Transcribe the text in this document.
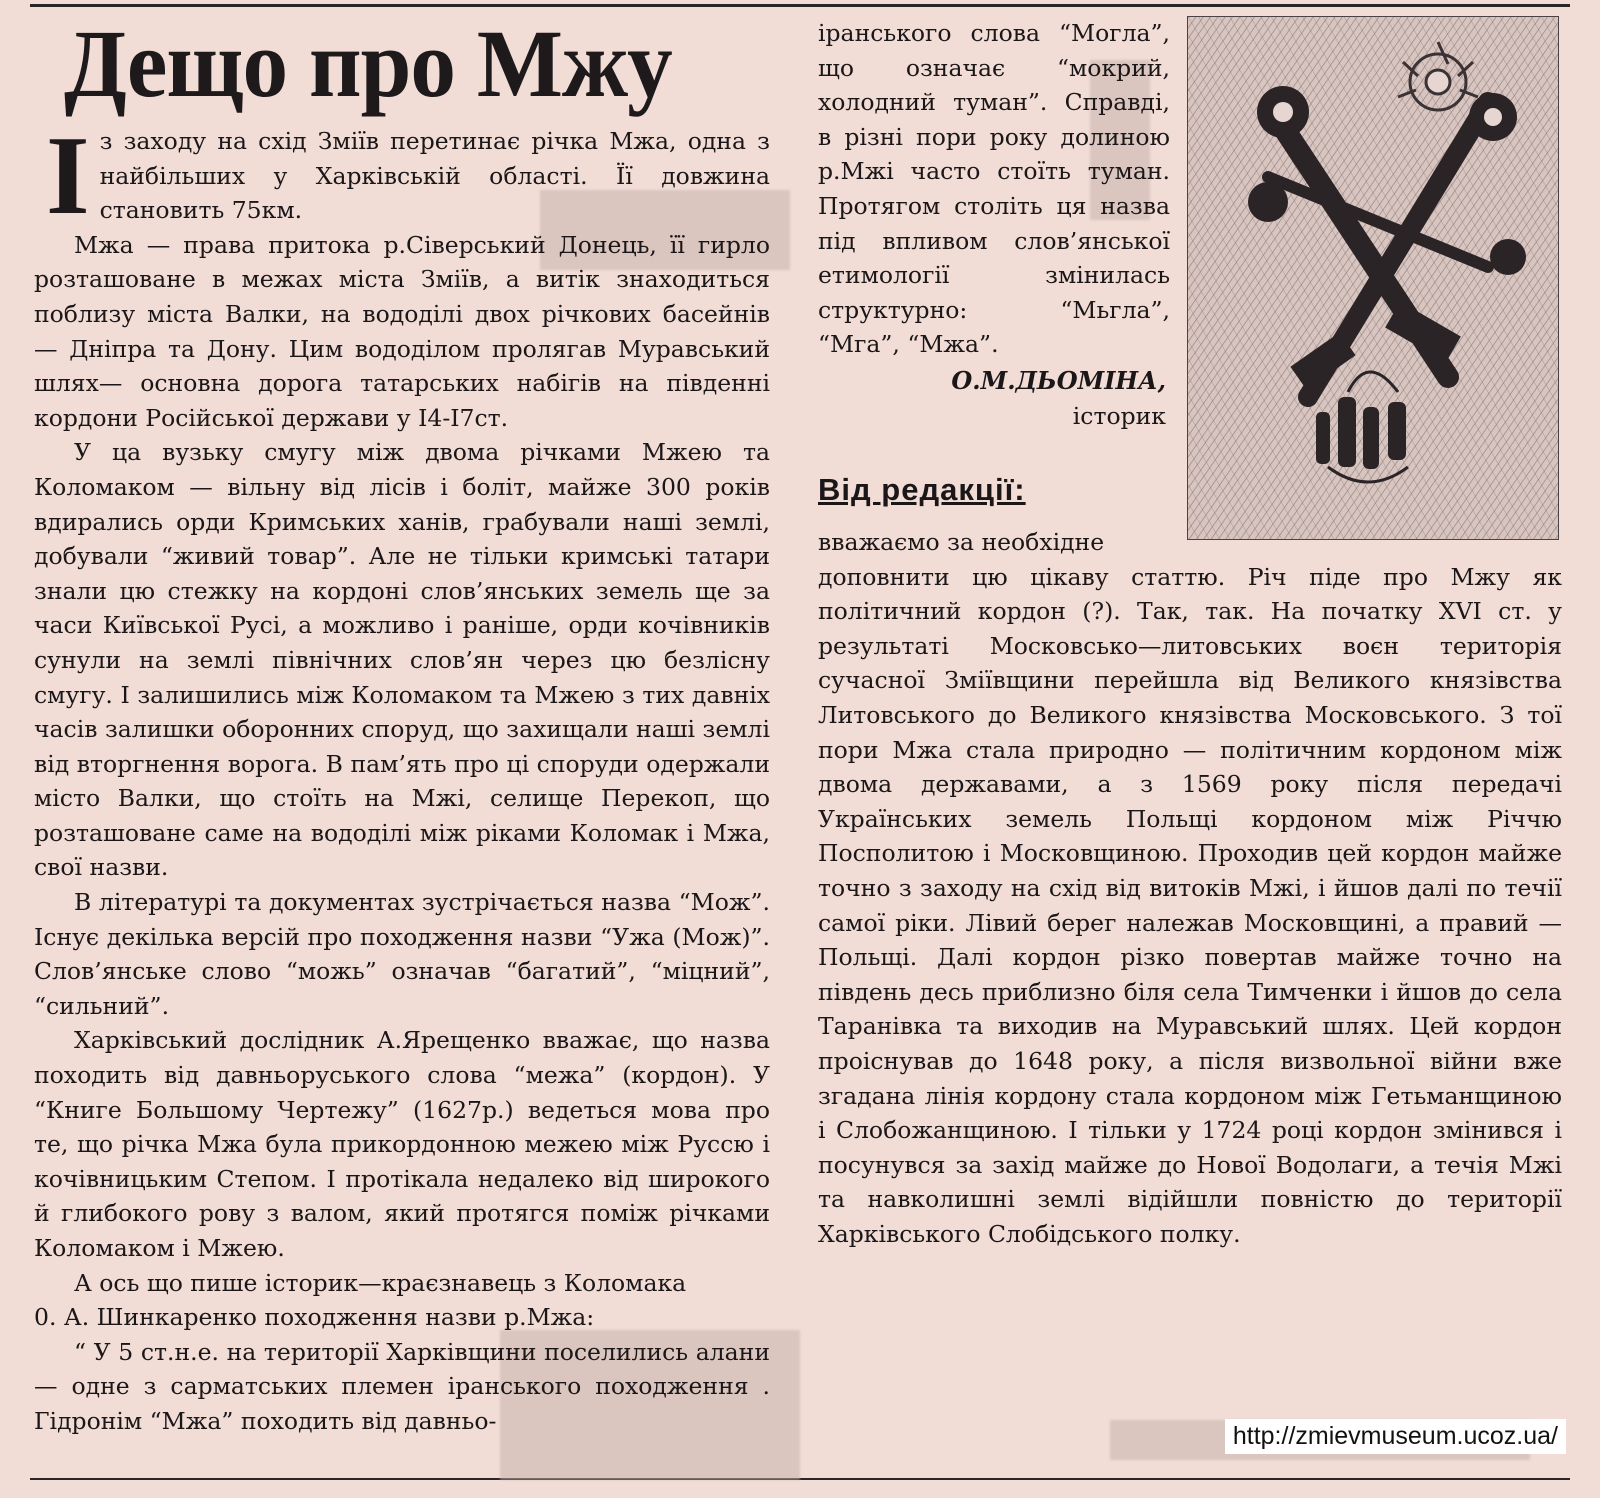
Дещо про Мжу

Із заходу на схід Зміїв перетинає річка Мжа, одна з найбільших у Харківській області. Її довжина становить 75км.

Мжа — права притока р.Сіверський Донець, її гирло розташоване в межах міста Зміїв, а витік знаходиться поблизу міста Валки, на вододілі двох річкових басейнів — Дніпра та Дону. Цим вододілом пролягав Муравський шлях— основна дорога татарських набігів на південні кордони Російської держави у І4-І7ст.

У ца вузьку смугу між двома річками Мжею та Коломаком — вільну від лісів і боліт, майже 300 років вдирались орди Кримських ханів, грабували наші землі, добували “живий товар”. Але не тільки кримські татари знали цю стежку на кордоні слов’янських земель ще за часи Київської Русі, а можливо і раніше, орди кочівників сунули на землі північних слов’ян через цю безлісну смугу. І залишились між Коломаком та Мжею з тих давніх часів залишки оборонних споруд, що захищали наші землі від вторгнення ворога. В пам’ять про ці споруди одержали місто Валки, що стоїть на Мжі, селище Перекоп, що розташоване саме на вододілі між ріками Коломак і Мжа, свої назви.

В літературі та документах зустрічається назва “Мож”. Існує декілька версій про походження назви “Ужа (Мож)”. Слов’янське слово “можь” означав “багатий”, “міцний”, “сильний”.

Харківський дослідник А.Ярещенко вважає, що назва походить від давньоруського слова “межа” (кордон). У “Книге Большому Чертежу” (1627р.) ведеться мова про те, що річка Мжа була прикордонною межею між Руссю і кочівницьким Степом. І протікала недалеко від широкого й глибокого рову з валом, який протягся поміж річками Коломаком і Мжею.

А ось що пише історик—краєзнавець з Коломака

0. А. Шинкаренко походження назви р.Мжа:

“ У 5 ст.н.е. на території Харківщини поселились алани — одне з сарматських племен іранського походження . Гідронім “Мжа” походить від давньо-

іранського слова “Могла”, що означає “мокрий, холодний туман”. Справді, в різні пори року долиною р.Мжі часто стоїть туман. Протягом століть ця назва під впливом слов’янської етимології змінилась структурно: “Мьгла”, “Мга”, “Мжа”.

О.М.ДЬОМІНА,
історик
Від редакції:

вважаємо за необхідне

доповнити цю цікаву статтю. Річ піде про Мжу як політичний кордон (?). Так, так. На початку XVI ст. у результаті Московсько—литовських воєн територія сучасної Зміївщини перейшла від Великого князівства Литовського до Великого князівства Московського. З тої пори Мжа стала природно — політичним кордоном між двома державами, а з 1569 року після передачі Українських земель Польщі кордоном між Річчю Посполитою і Московщиною. Проходив цей кордон майже точно з заходу на схід від витоків Мжі, і йшов далі по течії самої ріки. Лівий берег належав Московщині, а правий — Польщі. Далі кордон різко повертав майже точно на південь десь приблизно біля села Тимченки і йшов до села Таранівка та виходив на Муравський шлях. Цей кордон проіснував до 1648 року, а після визвольної війни вже згадана лінія кордону стала кордоном між Гетьманщиною і Слобожанщиною. І тільки у 1724 році кордон змінився і посунувся за захід майже до Нової Водолаги, а течія Мжі та навколишні землі відійшли повністю до території Харківського Слобідського полку.

http://zmievmuseum.ucoz.ua/
